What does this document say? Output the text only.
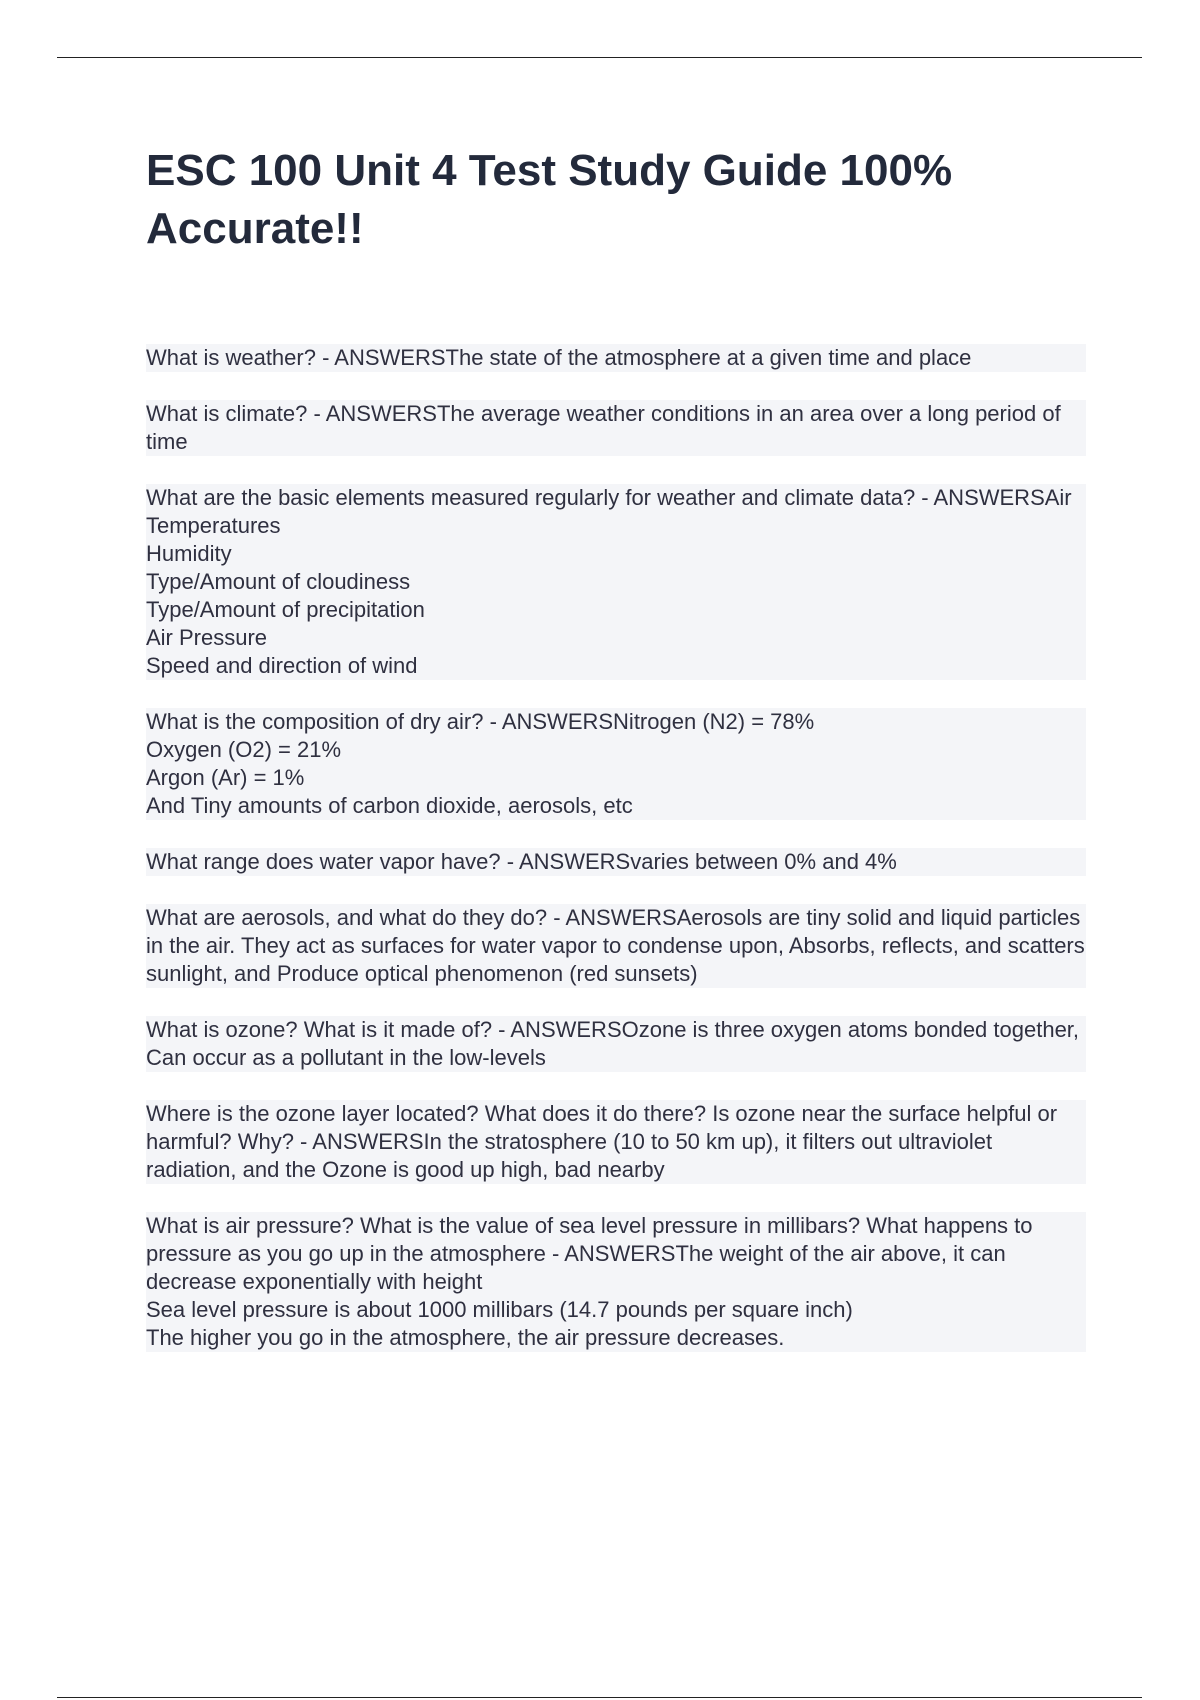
ESC 100 Unit 4 Test Study Guide 100% Accurate!!
What is weather? - ANSWERSThe state of the atmosphere at a given time and place
What is climate? - ANSWERSThe average weather conditions in an area over a long period of time
What are the basic elements measured regularly for weather and climate data? - ANSWERSAir Temperatures
Humidity
Type/Amount of cloudiness
Type/Amount of precipitation
Air Pressure
Speed and direction of wind
What is the composition of dry air? - ANSWERSNitrogen (N2) = 78%
Oxygen (O2) = 21%
Argon (Ar) = 1%
And Tiny amounts of carbon dioxide, aerosols, etc
What range does water vapor have? - ANSWERSvaries between 0% and 4%
What are aerosols, and what do they do? - ANSWERSAerosols are tiny solid and liquid particles in the air. They act as surfaces for water vapor to condense upon, Absorbs, reflects, and scatters sunlight, and Produce optical phenomenon (red sunsets)
What is ozone? What is it made of? - ANSWERSOzone is three oxygen atoms bonded together, Can occur as a pollutant in the low-levels
Where is the ozone layer located? What does it do there? Is ozone near the surface helpful or harmful? Why? - ANSWERSIn the stratosphere (10 to 50 km up), it filters out ultraviolet radiation, and the Ozone is good up high, bad nearby
What is air pressure? What is the value of sea level pressure in millibars? What happens to pressure as you go up in the atmosphere - ANSWERSThe weight of the air above, it can decrease exponentially with height
Sea level pressure is about 1000 millibars (14.7 pounds per square inch)
The higher you go in the atmosphere, the air pressure decreases.
